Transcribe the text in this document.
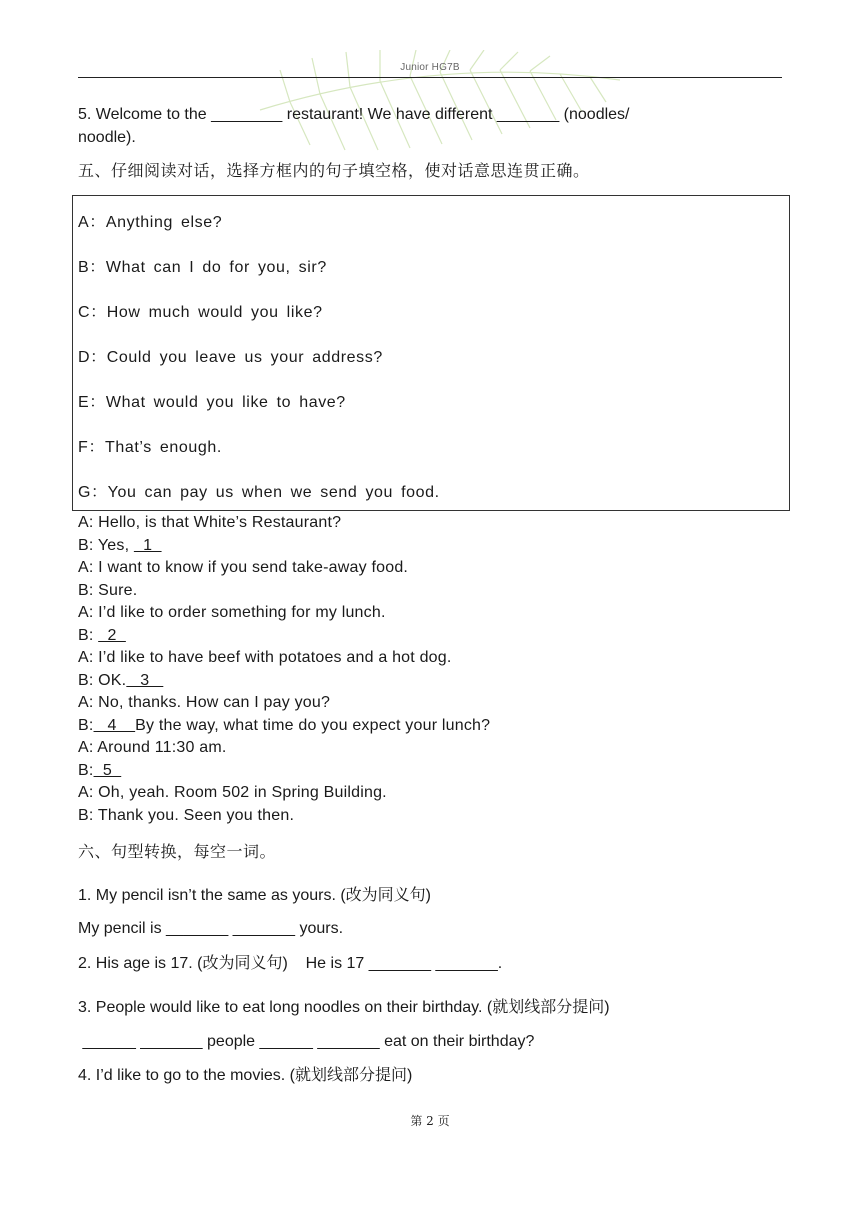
Junior HG7B
5. Welcome to the ________ restaurant! We have different _______ (noodles/
noodle).
五、仔细阅读对话，选择方框内的句子填空格，使对话意思连贯正确。
A：Anything else?
B：What can I do for you, sir?
C：How much would you like?
D：Could you leave us your address?
E：What would you like to have?
F：That’s enough.
G：You can pay us when we send you food.
A: Hello, is that White’s Restaurant?
B: Yes,   1
A: I want to know if you send take-away food.
B: Sure.
A: I’d like to order something for my lunch.
B:   2
A: I’d like to have beef with potatoes and a hot dog.
B: OK.   3
A: No, thanks. How can I pay you?
B:   4    By the way, what time do you expect your lunch?
A: Around 11:30 am.
B:  5
A: Oh, yeah. Room 502 in Spring Building.
B: Thank you. Seen you then.
六、句型转换，每空一词。
1. My pencil isn’t the same as yours. (改为同义句)
My pencil is _______ _______ yours.
2. His age is 17. (改为同义句)    He is 17 _______ _______.
3. People would like to eat long noodles on their birthday. (就划线部分提问)
______ _______ people ______ _______ eat on their birthday?
4. I’d like to go to the movies. (就划线部分提问)
第 2 页
